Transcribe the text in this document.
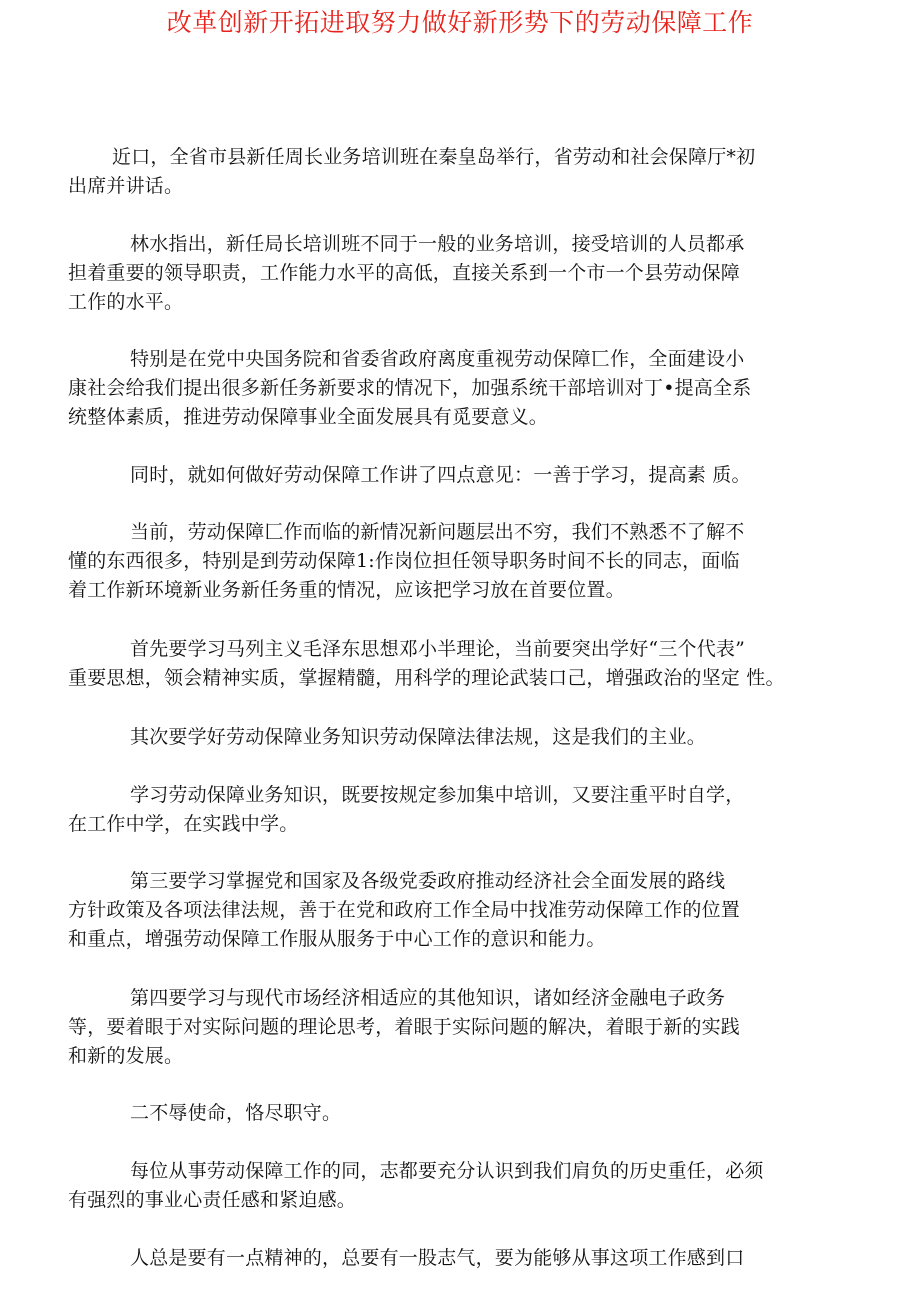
改革创新开拓进取努力做好新形势下的劳动保障工作
近口，全省市县新任周长业务培训班在秦皇岛举行，省劳动和社会保障厅*初
出席并讲话。
林水指出，新任局长培训班不同于一般的业务培训，接受培训的人员都承
担着重要的领导职责，工作能力水平的高低，直接关系到一个市一个县劳动保障
工作的水平。
特别是在党中央国务院和省委省政府离度重视劳动保障匸作，全面建设小
康社会给我们提出很多新任务新要求的情况下，加强系统干部培训对丁•提高全系
统整体素质，推进劳动保障事业全面发展具有觅要意义。
同时，就如何做好劳动保障工作讲了四点意见：一善于学习，提高素 质。
当前，劳动保障匚作而临的新情况新问题层出不穷，我们不熟悉不了解不
懂的东西很多，特别是到劳动保障1:作岗位担任领导职务时间不长的同志，面临
着工作新环境新业务新任务重的情况，应该把学习放在首要位置。
首先要学习马列主义毛泽东思想邓小半理论，当前要突出学好“三个代表”
重要思想，领会精神实质，掌握精髓，用科学的理论武装口己，增强政治的坚定 性。
其次要学好劳动保障业务知识劳动保障法律法规，这是我们的主业。
学习劳动保障业务知识，既要按规定参加集中培训，又要注重平时自学，
在工作中学，在实践中学。
第三要学习掌握党和国家及各级党委政府推动经济社会全面发展的路线
方针政策及各项法律法规，善于在党和政府工作全局中找准劳动保障工作的位置
和重点，增强劳动保障工作服从服务于中心工作的意识和能力。
第四要学习与现代市场经济相适应的其他知识，诸如经济金融电子政务
等，要着眼于对实际问题的理论思考，着眼于实际问题的解决，着眼于新的实践
和新的发展。
二不辱使命，恪尽职守。
每位从事劳动保障工作的同，志都要充分认识到我们肩负的历史重任，必须
有强烈的事业心责任感和紧迫感。
人总是要有一点精神的，总要有一股志气，要为能够从事这项工作感到口
